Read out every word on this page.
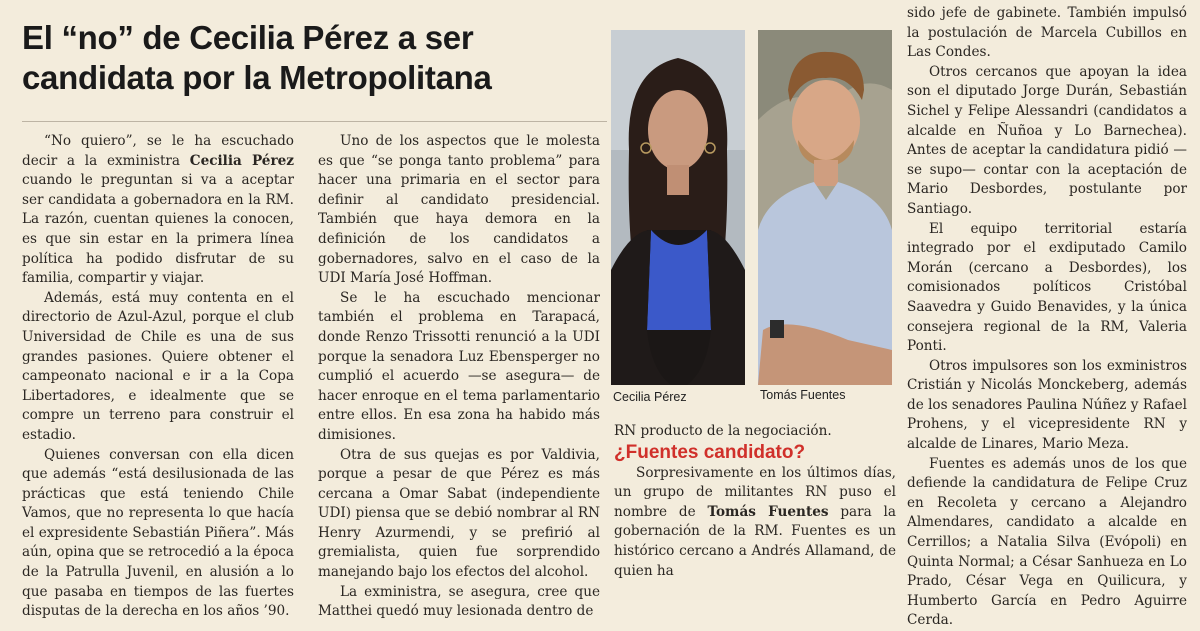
El “no” de Cecilia Pérez a ser candidata por la Metropolitana

“No quiero”, se le ha escuchado decir a la exministra Cecilia Pérez cuando le preguntan si va a aceptar ser candidata a gobernadora en la RM. La razón, cuentan quienes la conocen, es que sin estar en la primera línea política ha podido disfrutar de su familia, compartir y viajar.

Además, está muy contenta en el directorio de Azul-Azul, porque el club Universidad de Chile es una de sus grandes pasiones. Quiere obtener el campeonato nacional e ir a la Copa Libertadores, e idealmente que se compre un terreno para construir el estadio.

Quienes conversan con ella dicen que además “está desilusionada de las prácticas que está teniendo Chile Vamos, que no representa lo que hacía el expresidente Sebastián Piñera”. Más aún, opina que se retrocedió a la época de la Patrulla Juvenil, en alusión a lo que pasaba en tiempos de las fuertes disputas de la derecha en los años ’90.

Uno de los aspectos que le molesta es que “se ponga tanto problema” para hacer una primaria en el sector para definir al candidato presidencial. También que haya demora en la definición de los candidatos a gobernadores, salvo en el caso de la UDI María José Hoffman.

Se le ha escuchado mencionar también el problema en Tarapacá, donde Renzo Trissotti renunció a la UDI porque la senadora Luz Ebensperger no cumplió el acuerdo —se asegura— de hacer enroque en el tema parlamentario entre ellos. En esa zona ha habido más dimisiones.

Otra de sus quejas es por Valdivia, porque a pesar de que Pérez es más cercana a Omar Sabat (independiente UDI) piensa que se debió nombrar al RN Henry Azurmendi, y se prefirió al gremialista, quien fue sorprendido manejando bajo los efectos del alcohol.

La exministra, se asegura, cree que Matthei quedó muy lesionada dentro de

Cecilia Pérez	Tomás Fuentes

RN producto de la negociación.

¿Fuentes candidato?

Sorpresivamente en los últimos días, un grupo de militantes RN puso el nombre de Tomás Fuentes para la gobernación de la RM. Fuentes es un histórico cercano a Andrés Allamand, de quien ha

sido jefe de gabinete. También impulsó la postulación de Marcela Cubillos en Las Condes.

Otros cercanos que apoyan la idea son el diputado Jorge Durán, Sebastián Sichel y Felipe Alessandri (candidatos a alcalde en Ñuñoa y Lo Barnechea). Antes de aceptar la candidatura pidió —se supo— contar con la aceptación de Mario Desbordes, postulante por Santiago.

El equipo territorial estaría integrado por el exdiputado Camilo Morán (cercano a Desbordes), los comisionados políticos Cristóbal Saavedra y Guido Benavides, y la única consejera regional de la RM, Valeria Ponti.

Otros impulsores son los exministros Cristián y Nicolás Monckeberg, además de los senadores Paulina Núñez y Rafael Prohens, y el vicepresidente RN y alcalde de Linares, Mario Meza.

Fuentes es además unos de los que defiende la candidatura de Felipe Cruz en Recoleta y cercano a Alejandro Almendares, candidato a alcalde en Cerrillos; a Natalia Silva (Evópoli) en Quinta Normal; a César Sanhueza en Lo Prado, César Vega en Quilicura, y Humberto García en Pedro Aguirre Cerda.
